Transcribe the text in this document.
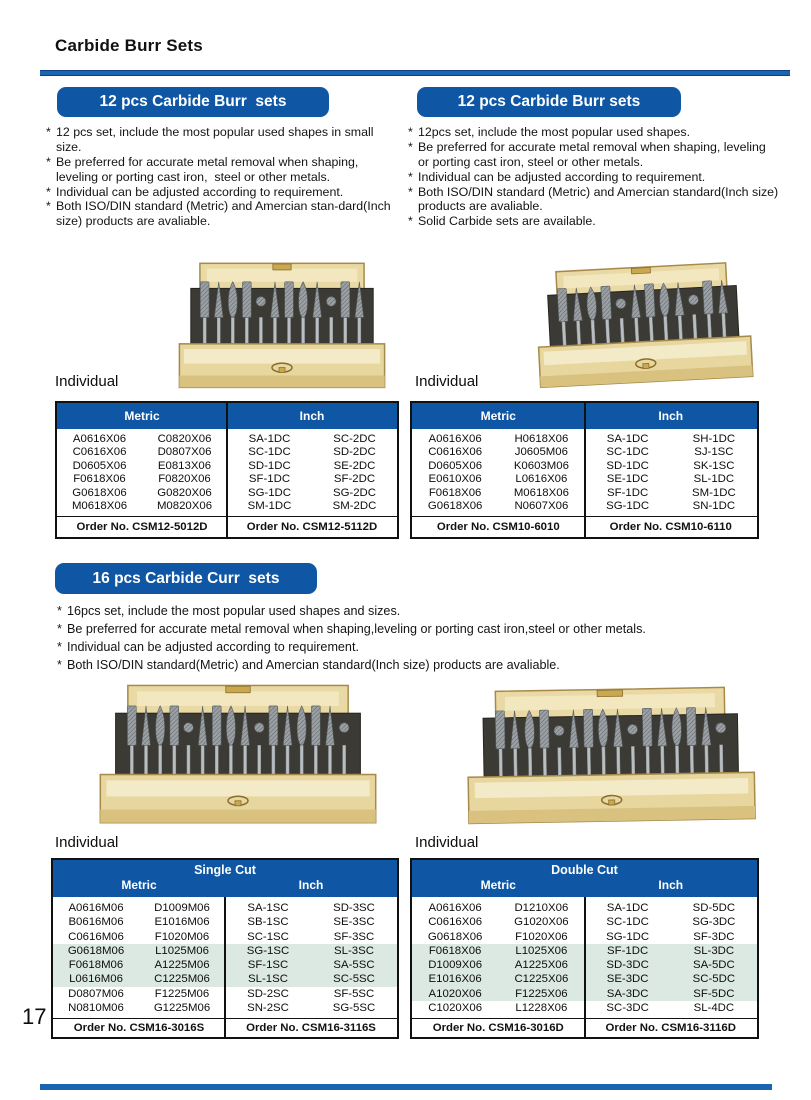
Carbide Burr Sets
12 pcs Carbide Burr  sets
* 12 pcs set, include the most popular used shapes in small size.
* Be preferred for accurate metal removal when shaping, leveling or porting cast iron,  steel or other metals.
* Individual can be adjusted according to requirement.
* Both ISO/DIN standard (Metric) and Amercian stan-dard(Inch size) products are avaliable.
Individual
Metric	Inch
A0616X06	C0820X06	SA-1DC	SC-2DC
C0616X06	D0807X06	SC-1DC	SD-2DC
D0605X06	E0813X06	SD-1DC	SE-2DC
F0618X06	F0820X06	SF-1DC	SF-2DC
G0618X06	G0820X06	SG-1DC	SG-2DC
M0618X06	M0820X06	SM-1DC	SM-2DC
Order No. CSM12-5012D	Order No. CSM12-5112D
12 pcs Carbide Burr sets
* 12pcs set, include the most popular used shapes.
* Be preferred for accurate metal removal when shaping, leveling or porting cast iron, steel or other metals.
* Individual can be adjusted according to requirement.
* Both ISO/DIN standard (Metric) and Amercian standard(Inch size) products are avaliable.
* Solid Carbide sets are available.
Individual
Metric	Inch
A0616X06	H0618X06	SA-1DC	SH-1DC
C0616X06	J0605M06	SC-1DC	SJ-1SC
D0605X06	K0603M06	SD-1DC	SK-1SC
E0610X06	L0616X06	SE-1DC	SL-1DC
F0618X06	M0618X06	SF-1DC	SM-1DC
G0618X06	N0607X06	SG-1DC	SN-1DC
Order No. CSM10-6010	Order No. CSM10-6110
16 pcs Carbide Curr  sets
* 16pcs set, include the most popular used shapes and sizes.
* Be preferred for accurate metal removal when shaping,leveling or porting cast iron,steel or other metals.
* Individual can be adjusted according to requirement.
* Both ISO/DIN standard(Metric) and Amercian standard(Inch size) products are avaliable.
Individual	Individual
Single Cut
Metric	Inch
A0616M06	D1009M06	SA-1SC	SD-3SC
B0616M06	E1016M06	SB-1SC	SE-3SC
C0616M06	F1020M06	SC-1SC	SF-3SC
G0618M06	L1025M06	SG-1SC	SL-3SC
F0618M06	A1225M06	SF-1SC	SA-5SC
L0616M06	C1225M06	SL-1SC	SC-5SC
D0807M06	F1225M06	SD-2SC	SF-5SC
N0810M06	G1225M06	SN-2SC	SG-5SC
Order No. CSM16-3016S	Order No. CSM16-3116S
Double Cut
Metric	Inch
A0616X06	D1210X06	SA-1DC	SD-5DC
C0616X06	G1020X06	SC-1DC	SG-3DC
G0618X06	F1020X06	SG-1DC	SF-3DC
F0618X06	L1025X06	SF-1DC	SL-3DC
D1009X06	A1225X06	SD-3DC	SA-5DC
E1016X06	C1225X06	SE-3DC	SC-5DC
A1020X06	F1225X06	SA-3DC	SF-5DC
C1020X06	L1228X06	SC-3DC	SL-4DC
Order No. CSM16-3016D	Order No. CSM16-3116D
17
